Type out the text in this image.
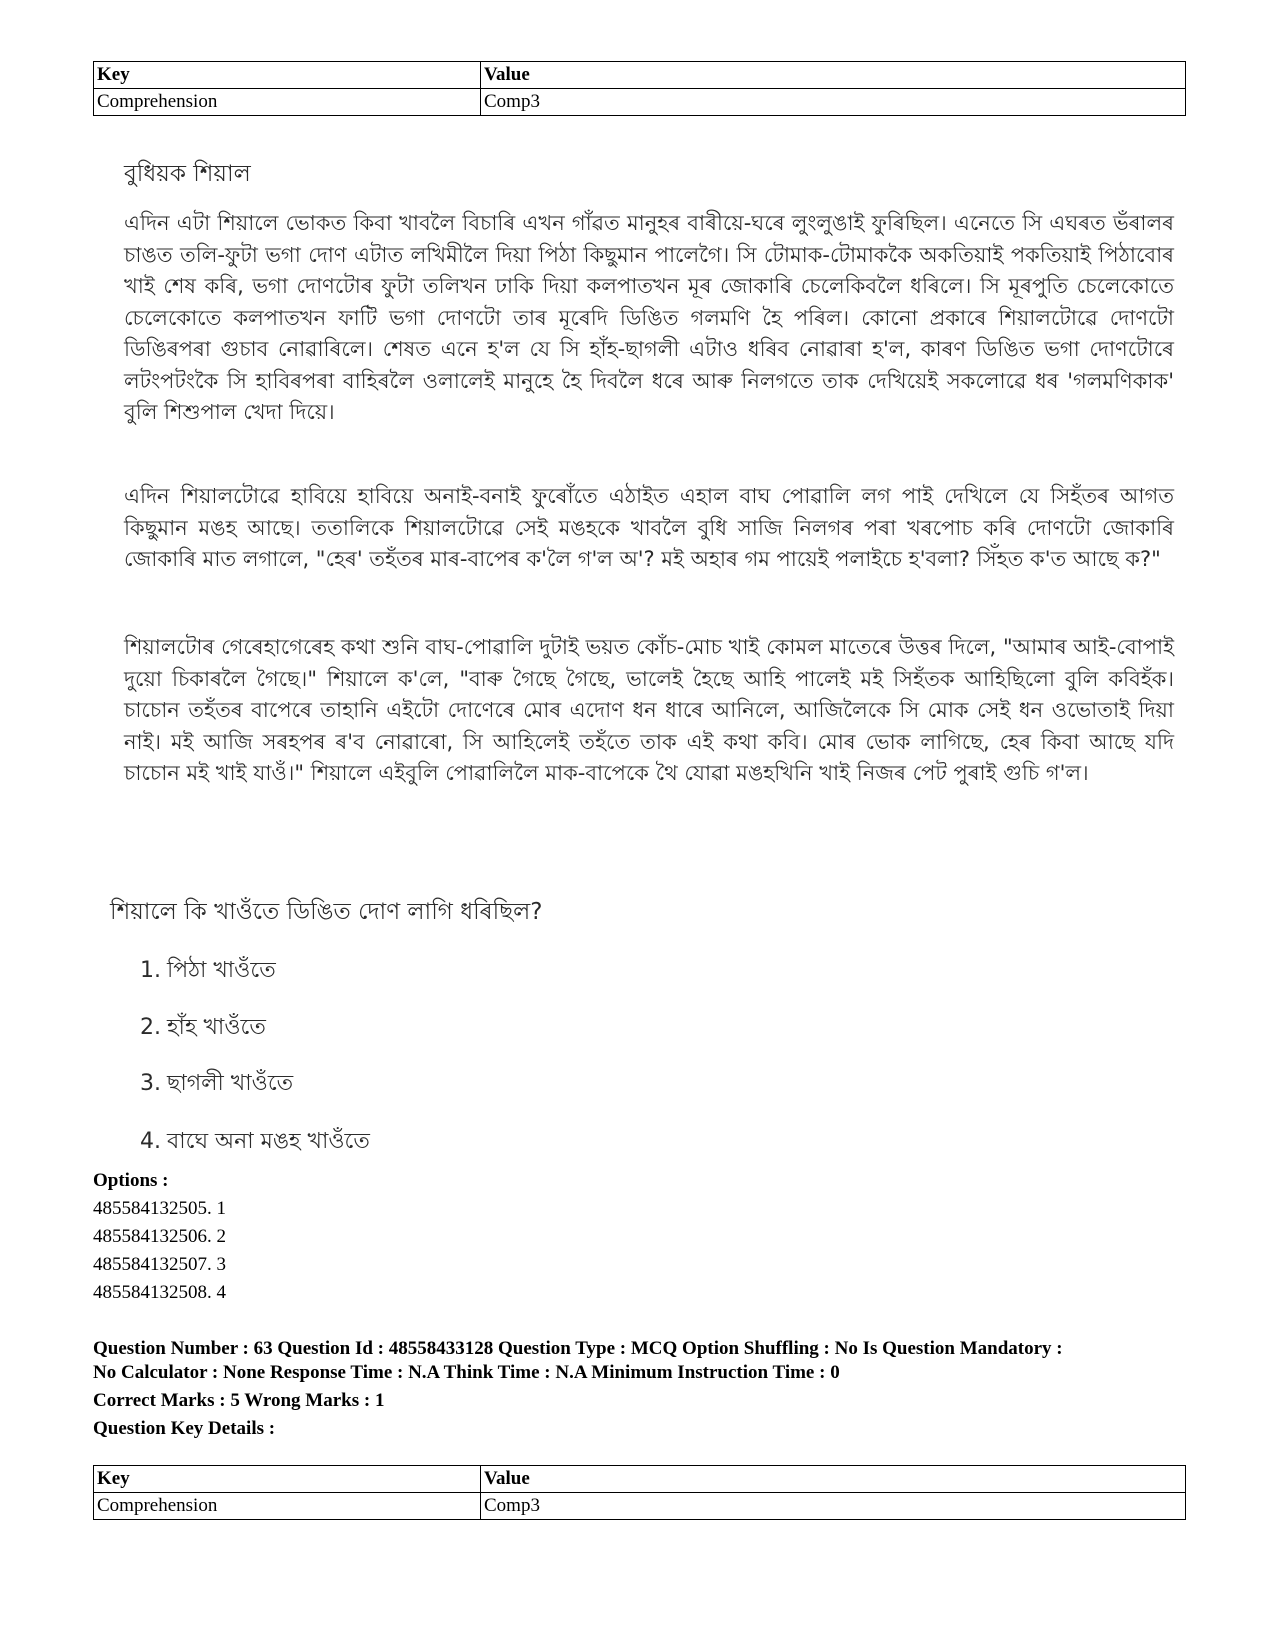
Key	Value
Comprehension	Comp3
বুধিয়ক শিয়াল

এদিন এটা শিয়ালে ভোকত কিবা খাবলৈ বিচাৰি এখন গাঁৱত মানুহৰ বাৰীয়ে-ঘৰে লুংলুঙাই ফুৰিছিল। এনেতে সি এঘৰত ভঁৰালৰ চাঙত তলি-ফুটা ভগা দোণ এটাত লখিমীলৈ দিয়া পিঠা কিছুমান পালেগৈ। সি টোমাক-টোমাককৈ অকতিয়াই পকতিয়াই পিঠাবোৰ খাই শেষ কৰি, ভগা দোণটোৰ ফুটা তলিখন ঢাকি দিয়া কলপাতখন মূৰ জোকাৰি চেলেকিবলৈ ধৰিলে। সি মূৰপুতি চেলেকোতে চেলেকোতে কলপাতখন ফাটি ভগা দোণটো তাৰ মূৰেদি ডিঙিত গলমণি হৈ পৰিল। কোনো প্ৰকাৰে শিয়ালটোৱে দোণটো ডিঙিৰপৰা গুচাব নোৱাৰিলে। শেষত এনে হ'ল যে সি হাঁহ-ছাগলী এটাও ধৰিব নোৱাৰা হ'ল, কাৰণ ডিঙিত ভগা দোণটোৰে লটংপটংকৈ সি হাবিৰপৰা বাহিৰলৈ ওলালেই মানুহে হৈ দিবলৈ ধৰে আৰু নিলগতে তাক দেখিয়েই সকলোৱে ধৰ 'গলমণিকাক' বুলি শিশুপাল খেদা দিয়ে।

এদিন শিয়ালটোৱে হাবিয়ে হাবিয়ে অনাই-বনাই ফুৰোঁতে এঠাইত এহাল বাঘ পোৱালি লগ পাই দেখিলে যে সিহঁতৰ আগত কিছুমান মঙহ আছে। ততালিকে শিয়ালটোৱে সেই মঙহকে খাবলৈ বুধি সাজি নিলগৰ পৰা খৰপোচ কৰি দোণটো জোকাৰি জোকাৰি মাত লগালে, "হেৰ' তহঁতৰ মাৰ-বাপেৰ ক'লৈ গ'ল অ'? মই অহাৰ গম পায়েই পলাইচে হ'বলা? সিঁহত ক'ত আছে ক?"

শিয়ালটোৰ গেৰেহাগেৰেহ কথা শুনি বাঘ-পোৱালি দুটাই ভয়ত কোঁচ-মোচ খাই কোমল মাতেৰে উত্তৰ দিলে, "আমাৰ আই-বোপাই দুয়ো চিকাৰলৈ গৈছে।" শিয়ালে ক'লে, "বাৰু গৈছে গৈছে, ভালেই হৈছে আহি পালেই মই সিহঁতক আহিছিলো বুলি কবিহঁক। চাচোন তহঁতৰ বাপেৰে তাহানি এইটো দোণেৰে মোৰ এদোণ ধন ধাৰে আনিলে, আজিলৈকে সি মোক সেই ধন ওভোতাই দিয়া নাই। মই আজি সৰহপৰ ৰ'ব নোৱাৰো, সি আহিলেই তহঁতে তাক এই কথা কবি। মোৰ ভোক লাগিছে, হেৰ কিবা আছে যদি চাচোন মই খাই যাওঁ।" শিয়ালে এইবুলি পোৱালিলৈ মাক-বাপেকে থৈ যোৱা মঙহখিনি খাই নিজৰ পেট পুৰাই গুচি গ'ল।

শিয়ালে কি খাওঁতে ডিঙিত দোণ লাগি ধৰিছিল?
1. পিঠা খাওঁতে
2. হাঁহ খাওঁতে
3. ছাগলী খাওঁতে
4. বাঘে অনা মঙহ খাওঁতে
Options :
485584132505. 1
485584132506. 2
485584132507. 3
485584132508. 4
Question Number : 63 Question Id : 48558433128 Question Type : MCQ Option Shuffling : No Is Question Mandatory :
No Calculator : None Response Time : N.A Think Time : N.A Minimum Instruction Time : 0
Correct Marks : 5 Wrong Marks : 1
Question Key Details :
Key	Value
Comprehension	Comp3
